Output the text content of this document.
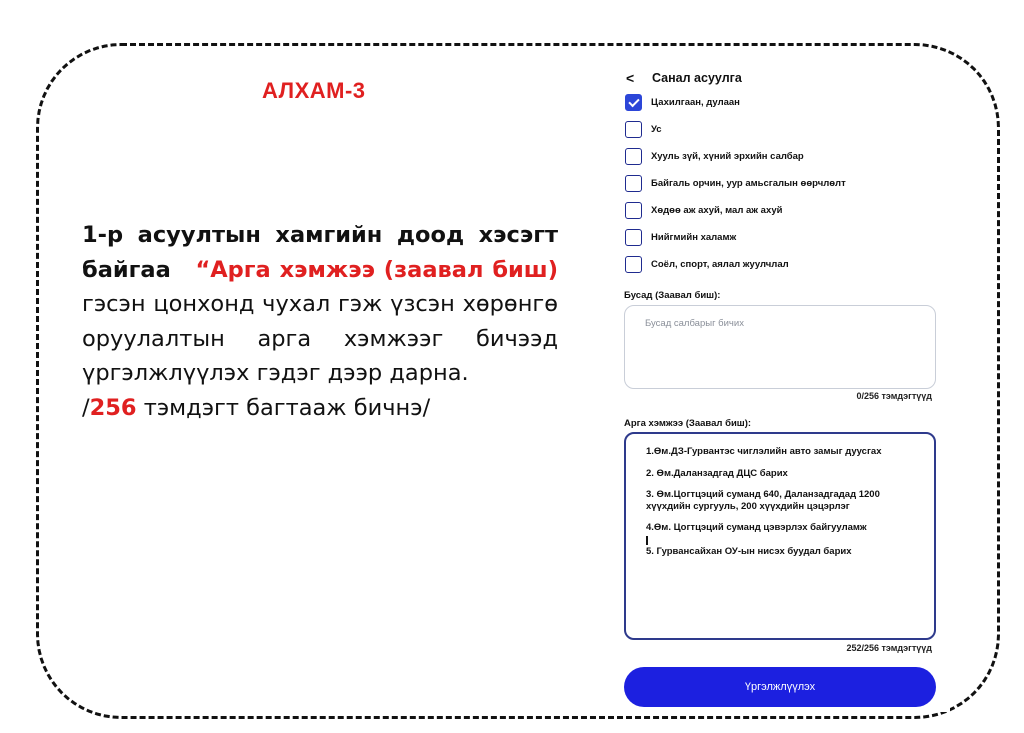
АЛХАМ-3
1-р асуултын хамгийн доод хэсэгт байгаа “Арга хэмжээ (заавал биш) гэсэн цонхонд чухал гэж үзсэн хөрөнгө оруулалтын арга хэмжээг бичээд үргэлжлүүлэх гэдэг дээр дарна.
/256 тэмдэгт багтааж бичнэ/
<	Санал асуулга
Цахилгаан, дулаан
Ус
Хууль зүй, хүний эрхийн салбар
Байгаль орчин, уур амьсгалын өөрчлөлт
Хөдөө аж ахуй, мал аж ахуй
Нийгмийн халамж
Соёл, спорт, аялал жуулчлал
Бусад (Заавал биш):
Бусад салбарыг бичих
0/256 тэмдэгтүүд
Арга хэмжээ (Заавал биш):
1.Өм.ДЗ-Гурвантэс чиглэлийн авто замыг дуусгах
2. Өм.Даланзадгад ДЦС барих
3. Өм.Цогтцэций суманд 640, Даланзадгадад 1200 хүүхдийн сургууль, 200 хүүхдийн цэцэрлэг
4.Өм. Цогтцэций суманд цэвэрлэх байгууламж
5. Гурвансайхан ОУ-ын нисэх буудал барих
252/256 тэмдэгтүүд
Үргэлжлүүлэх
